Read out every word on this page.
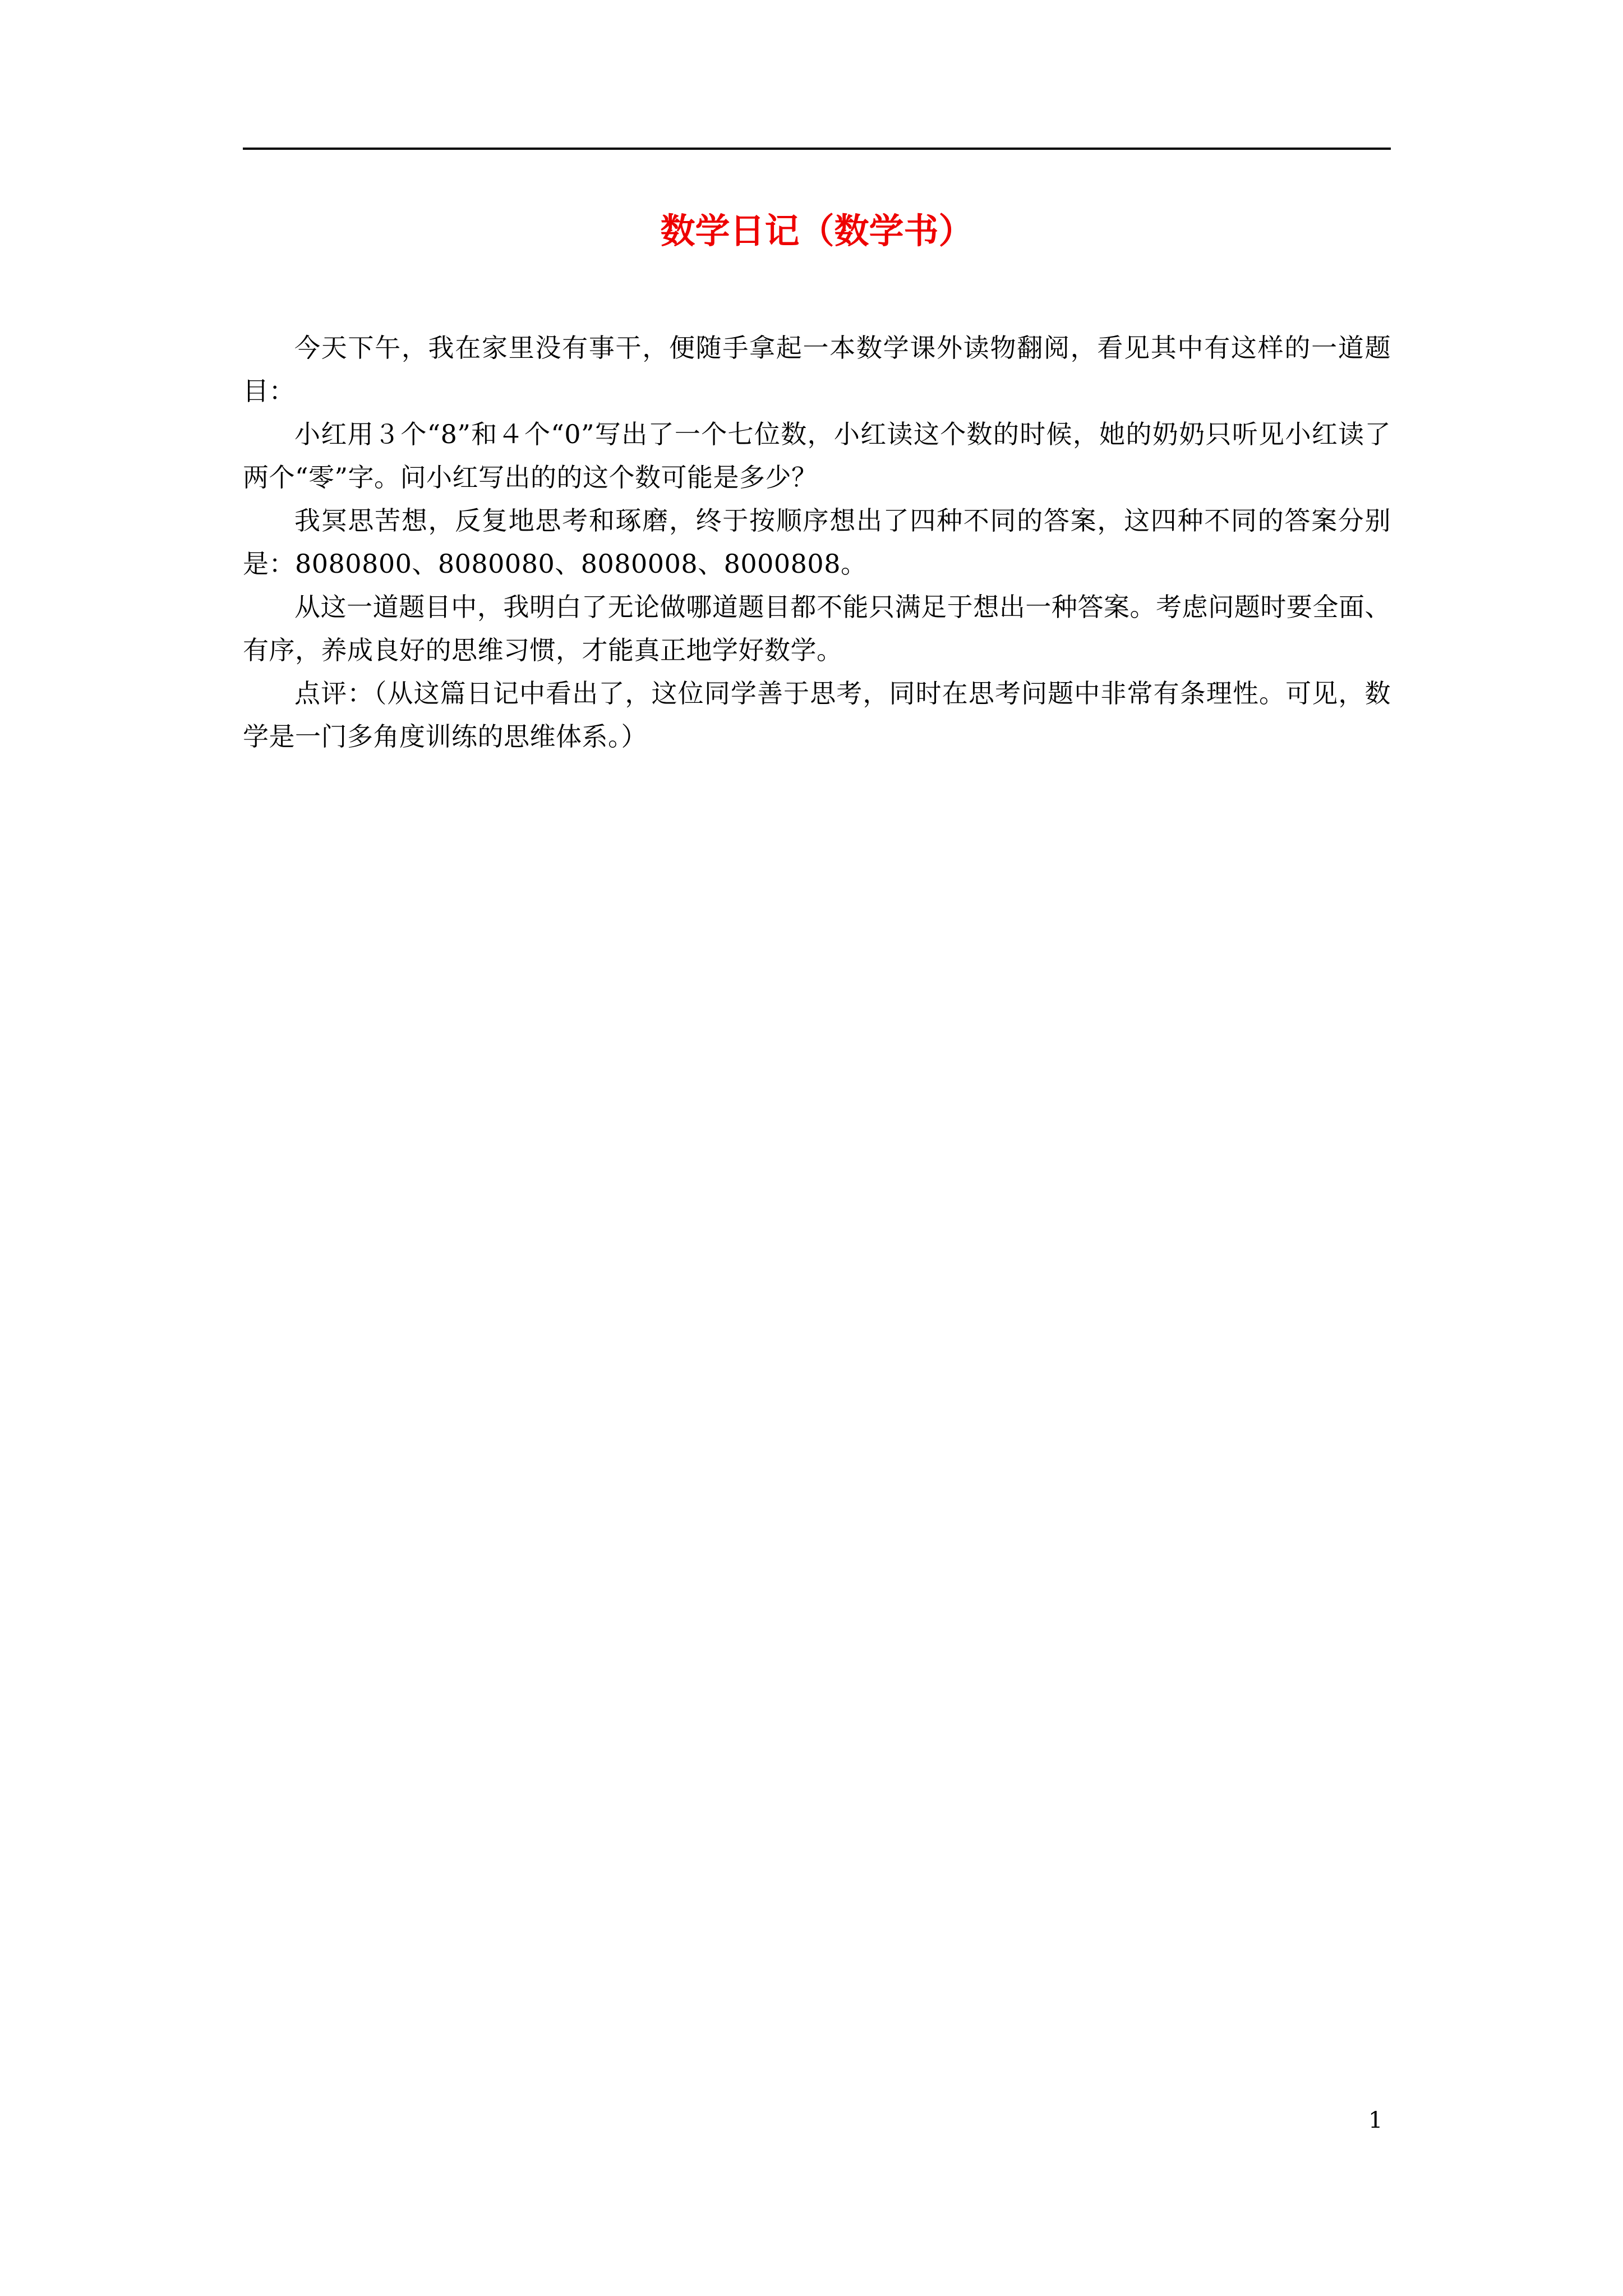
数学日记（数学书）

今天下午，我在家里没有事干，便随手拿起一本数学课外读物翻阅，看见其中有这样的一道题目：

小红用３个“8”和４个“0”写出了一个七位数，小红读这个数的时候，她的奶奶只听见小红读了两个“零”字。问小红写出的的这个数可能是多少？

我冥思苦想，反复地思考和琢磨，终于按顺序想出了四种不同的答案，这四种不同的答案分别是：8080800、8080080、8080008、8000808。

从这一道题目中，我明白了无论做哪道题目都不能只满足于想出一种答案。考虑问题时要全面、有序，养成良好的思维习惯，才能真正地学好数学。

点评：（从这篇日记中看出了，这位同学善于思考，同时在思考问题中非常有条理性。可见，数学是一门多角度训练的思维体系。）

1
